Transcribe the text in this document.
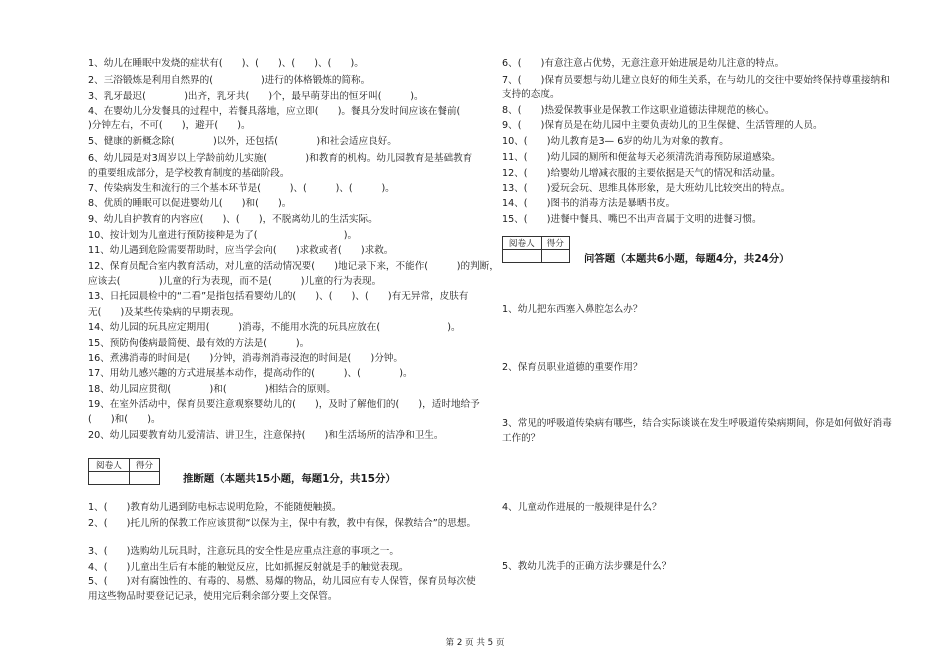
1、幼儿在睡眠中发烧的症状有(　　)、(　　)、(　　)、(　　)。
2、三浴锻炼是利用自然界的(　　　　　)进行的体格锻炼的简称。
3、乳牙最迟(　　　　)出齐，乳牙共(　　)个，最早萌芽出的恒牙叫(　　　)。
4、在婴幼儿分发餐具的过程中，若餐具落地，应立即(　　)。餐具分发时间应该在餐前(　　
)分钟左右，不可(　　)，避开(　　)。
5、健康的新概念除(　　　　)以外，还包括(　　　　)和社会适应良好。
6、幼儿园是对3周岁以上学龄前幼儿实施(　　　　)和教育的机构。幼儿园教育是基础教育
的重要组成部分，是学校教育制度的基础阶段。
7、传染病发生和流行的三个基本环节是(　　　)、(　　　)、(　　　)。
8、优质的睡眠可以促进婴幼儿(　　)和(　　)。
9、幼儿自护教育的内容应(　　)、(　　)，不脱离幼儿的生活实际。
10、按计划为儿童进行预防接种是为了(　　　　　　　　　)。
11、幼儿遇到危险需要帮助时，应当学会向(　　)求救或者(　　)求救。
12、保育员配合室内教育活动，对儿童的活动情况要(　　)地记录下来，不能作(　　　)的判断，
应该去(　　　　)儿童的行为表现，而不是(　　　)儿童的行为表现。
13、日托园晨检中的“二看”是指包括看婴幼儿的(　　)、(　　)、(　　)有无异常，皮肤有
无(　　)及某些传染病的早期表现。
14、幼儿园的玩具应定期用(　　　)消毒，不能用水洗的玩具应放在(　　　　　　　)。
15、预防佝偻病最简便、最有效的方法是(　　　)。
16、煮沸消毒的时间是(　　)分钟，消毒剂消毒浸泡的时间是(　　)分钟。
17、用幼儿感兴趣的方式进展基本动作，提高动作的(　　　)、(　　　　)。
18、幼儿园应贯彻(　　　　)和(　　　　)相结合的原则。
19、在室外活动中，保育员要注意观察婴幼儿的(　　)，及时了解他们的(　　)，适时地给予
(　　)和(　　)。
20、幼儿园要教育幼儿爱清洁、讲卫生，注意保持(　　)和生活场所的洁净和卫生。
阅卷人	得分

推断题（本题共15小题，每题1分，共15分）
1、(　　)教育幼儿遇到防电标志说明危险，不能随便触摸。
2、(　　)托儿所的保教工作应该贯彻“以保为主，保中有教，教中有保，保教结合”的思想。
3、(　　)选购幼儿玩具时，注意玩具的安全性是应重点注意的事项之一。
4、(　　)儿童出生后有本能的触觉反应，比如抓握反射就是手的触觉表现。
5、(　　)对有腐蚀性的、有毒的、易燃、易爆的物品，幼儿园应有专人保管，保育员每次使
用这些物品时要登记记录，使用完后剩余部分要上交保管。
6、(　　)有意注意占优势，无意注意开始进展是幼儿注意的特点。
7、(　　)保育员要想与幼儿建立良好的师生关系，在与幼儿的交往中要始终保持尊重接纳和
支持的态度。
8、(　　)热爱保教事业是保教工作这职业道德法律规范的核心。
9、(　　)保育员是在幼儿园中主要负责幼儿的卫生保健、生活管理的人员。
10、(　　)幼儿教育是3— 6岁的幼儿为对象的教育。
11、(　　)幼儿园的厕所和便盆每天必须清洗消毒预防尿道感染。
12、(　　)给婴幼儿增减衣服的主要依据是天气的情况和活动量。
13、(　　)爱玩会玩、思维具体形象，是大班幼儿比较突出的特点。
14、(　　)图书的消毒方法是暴晒书皮。
15、(　　)进餐中餐具、嘴巴不出声音属于文明的进餐习惯。
阅卷人	得分

问答题（本题共6小题，每题4分，共24分）
1、幼儿把东西塞入鼻腔怎么办？
2、保育员职业道德的重要作用？
3、常见的呼吸道传染病有哪些，结合实际谈谈在发生呼吸道传染病期间，你是如何做好消毒
工作的？
4、儿童动作进展的一般规律是什么？
5、教幼儿洗手的正确方法步骤是什么？
第 2 页 共 5 页
